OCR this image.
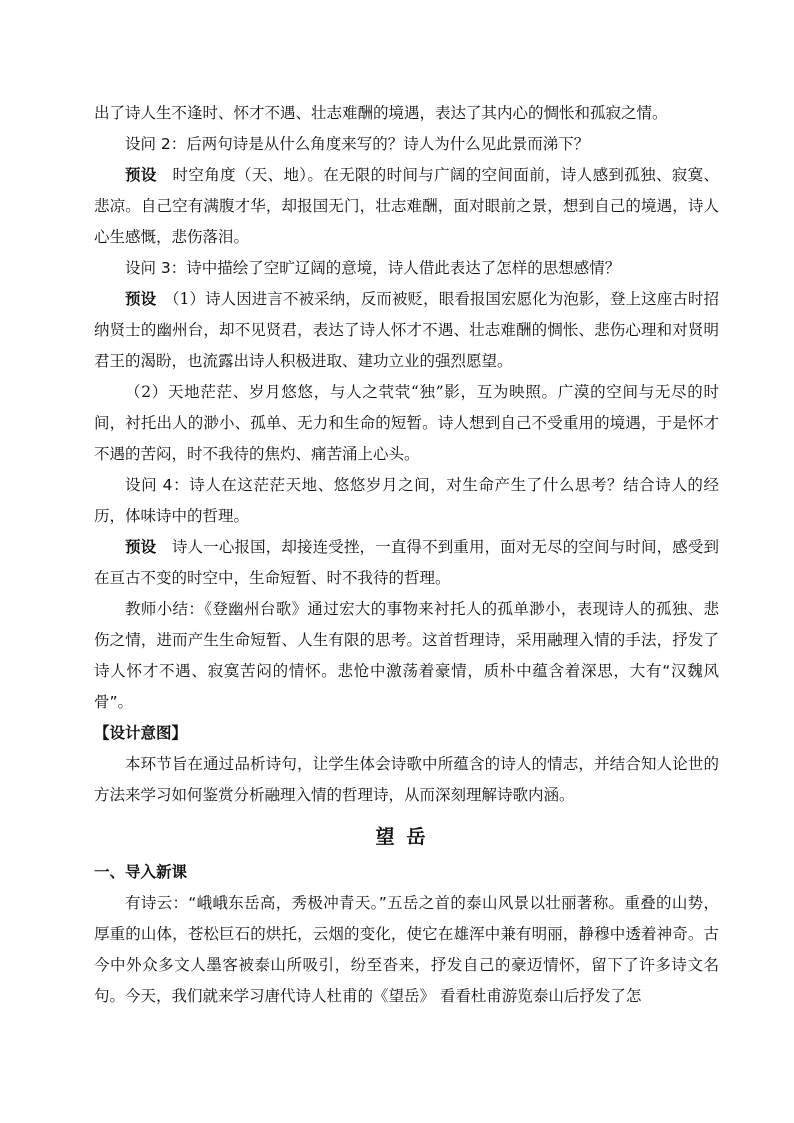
出了诗人生不逢时、怀才不遇、壮志难酬的境遇，表达了其内心的惆怅和孤寂之情。

设问 2：后两句诗是从什么角度来写的？诗人为什么见此景而涕下？

预设　时空角度（天、地）。在无限的时间与广阔的空间面前，诗人感到孤独、寂寞、悲凉。自己空有满腹才华，却报国无门，壮志难酬，面对眼前之景，想到自己的境遇，诗人心生感慨，悲伤落泪。

设问 3：诗中描绘了空旷辽阔的意境，诗人借此表达了怎样的思想感情？

预设　（1）诗人因进言不被采纳，反而被贬，眼看报国宏愿化为泡影，登上这座古时招纳贤士的幽州台，却不见贤君，表达了诗人怀才不遇、壮志难酬的惆怅、悲伤心理和对贤明君王的渴盼，也流露出诗人积极进取、建功立业的强烈愿望。

（2）天地茫茫、岁月悠悠，与人之茕茕“独”影，互为映照。广漠的空间与无尽的时间，衬托出人的渺小、孤单、无力和生命的短暂。诗人想到自己不受重用的境遇，于是怀才不遇的苦闷，时不我待的焦灼、痛苦涌上心头。

设问 4：诗人在这茫茫天地、悠悠岁月之间，对生命产生了什么思考？结合诗人的经历，体味诗中的哲理。

预设　诗人一心报国，却接连受挫，一直得不到重用，面对无尽的空间与时间，感受到在亘古不变的时空中，生命短暂、时不我待的哲理。

教师小结：《登幽州台歌》通过宏大的事物来衬托人的孤单渺小，表现诗人的孤独、悲伤之情，进而产生生命短暂、人生有限的思考。这首哲理诗，采用融理入情的手法，抒发了诗人怀才不遇、寂寞苦闷的情怀。悲怆中激荡着豪情，质朴中蕴含着深思，大有“汉魏风骨”。

【设计意图】

本环节旨在通过品析诗句，让学生体会诗歌中所蕴含的诗人的情志，并结合知人论世的方法来学习如何鉴赏分析融理入情的哲理诗，从而深刻理解诗歌内涵。

望岳
一、导入新课

有诗云：“峨峨东岳高，秀极冲青天。”五岳之首的泰山风景以壮丽著称。重叠的山势，厚重的山体，苍松巨石的烘托，云烟的变化，使它在雄浑中兼有明丽，静穆中透着神奇。古今中外众多文人墨客被泰山所吸引，纷至沓来，抒发自己的豪迈情怀，留下了许多诗文名句。今天，我们就来学习唐代诗人杜甫的《望岳》 看看杜甫游览泰山后抒发了怎
